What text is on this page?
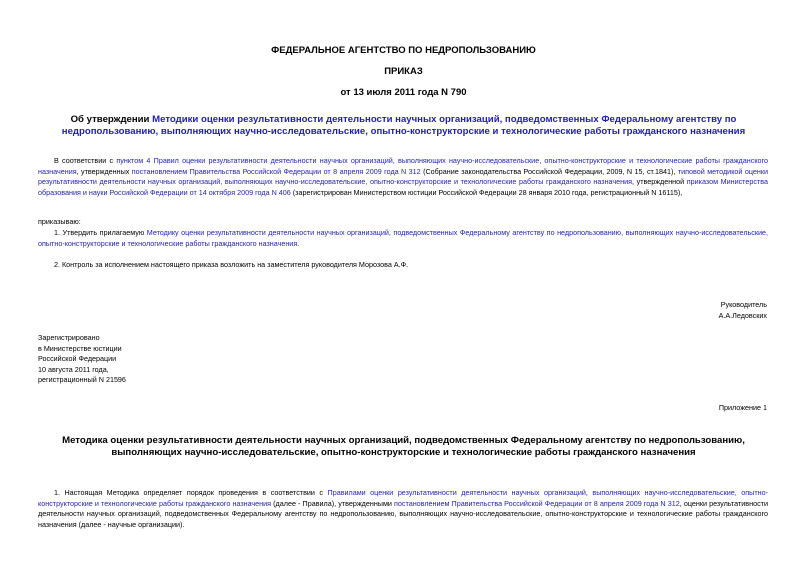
ФЕДЕРАЛЬНОЕ АГЕНТСТВО ПО НЕДРОПОЛЬЗОВАНИЮ
ПРИКАЗ
от 13 июля 2011 года N 790
Об утверждении Методики оценки результативности деятельности научных организаций, подведомственных Федеральному агентству по недропользованию, выполняющих научно-исследовательские, опытно-конструкторские и технологические работы гражданского назначения
В соответствии с пунктом 4 Правил оценки результативности деятельности научных организаций, выполняющих научно-исследовательские, опытно-конструкторские и технологические работы гражданского назначения, утвержденных постановлением Правительства Российской Федерации от 8 апреля 2009 года N 312 (Собрание законодательства Российской Федерации, 2009, N 15, ст.1841), типовой методикой оценки результативности деятельности научных организаций, выполняющих научно-исследовательские, опытно-конструкторские и технологические работы гражданского назначения, утвержденной приказом Министерства образования и науки Российской Федерации от 14 октября 2009 года N 406 (зарегистрирован Министерством юстиции Российской Федерации 28 января 2010 года, регистрационный N 16115),
приказываю:
1. Утвердить прилагаемую Методику оценки результативности деятельности научных организаций, подведомственных Федеральному агентству по недропользованию, выполняющих научно-исследовательские, опытно-конструкторские и технологические работы гражданского назначения.
2. Контроль за исполнением настоящего приказа возложить на заместителя руководителя Морозова А.Ф.
Руководитель
А.А.Ледовских
Зарегистрировано
в Министерстве юстиции
Российской Федерации
10 августа 2011 года,
регистрационный N 21596
Приложение 1
Методика оценки результативности деятельности научных организаций, подведомственных Федеральному агентству по недропользованию, выполняющих научно-исследовательские, опытно-конструкторские и технологические работы гражданского назначения
1. Настоящая Методика определяет порядок проведения в соответствии с Правилами оценки результативности деятельности научных организаций, выполняющих научно-исследовательские, опытно-конструкторские и технологические работы гражданского назначения (далее - Правила), утвержденными постановлением Правительства Российской Федерации от 8 апреля 2009 года N 312, оценки результативности деятельности научных организаций, подведомственных Федеральному агентству по недропользованию, выполняющих научно-исследовательские, опытно-конструкторские и технологические работы гражданского назначения (далее - научные организации).
